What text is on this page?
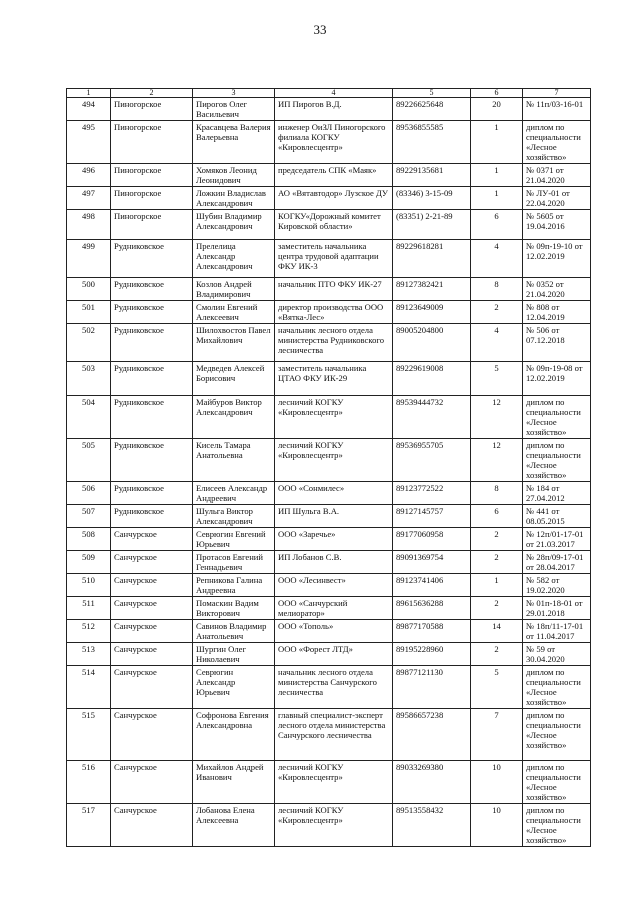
33
1	2	3	4	5	6	7
494	Пиногорское	Пирогов Олег Васильевич	ИП Пирогов В.Д.	89226625648	20	№ 11п/03-16-01
495	Пиногорское	Красавцева Валерия Валерьевна	инженер ОиЗЛ Пиногорского филиала КОГКУ «Кировлесцентр»	89536855585	1	диплом по специальности «Лесное хозяйство»
496	Пиногорское	Хомяков Леонид Леонидович	председатель СПК «Маяк»	89229135681	1	№ 0371 от 21.04.2020
497	Пиногорское	Ложкин Владислав Александрович	АО «Вятавтодор» Лузское ДУ	(83346) 3-15-09	1	№ ЛУ-01 от 22.04.2020
498	Пиногорское	Шубин Владимир Александрович	КОГКУ«Дорожный комитет Кировской области»	(83351) 2-21-89	6	№ 5605 от 19.04.2016
499	Рудниковское	Прелелица Александр Александрович	заместитель начальника центра трудовой адаптации ФКУ ИК-3	89229618281	4	№ 09п-19-10 от 12.02.2019
500	Рудниковское	Козлов Андрей Владимирович	начальник ПТО ФКУ ИК-27	89127382421	8	№ 0352 от 21.04.2020
501	Рудниковское	Смолин Евгений Алексеевич	директор производства ООО «Вятка-Лес»	89123649009	2	№ 808 от 12.04.2019
502	Рудниковское	Шилохвостов Павел Михайлович	начальник лесного отдела министерства Рудниковского лесничества	89005204800	4	№ 506 от 07.12.2018
503	Рудниковское	Медведев Алексей Борисович	заместитель начальника ЦТАО ФКУ ИК-29	89229619008	5	№ 09п-19-08 от 12.02.2019
504	Рудниковское	Майбуров Виктор Александрович	лесничий КОГКУ «Кировлесцентр»	89539444732	12	диплом по специальности «Лесное хозяйство»
505	Рудниковское	Кисель Тамара Анатольевна	лесничий КОГКУ «Кировлесцентр»	89536955705	12	диплом по специальности «Лесное хозяйство»
506	Рудниковское	Елисеев Александр Андреевич	ООО «Сонмилес»	89123772522	8	№ 184 от 27.04.2012
507	Рудниковское	Шульга Виктор Александрович	ИП Шульга В.А.	89127145757	6	№ 441 от 08.05.2015
508	Санчурское	Севрюгин Евгений Юрьевич	ООО «Заречье»	89177060958	2	№ 12п/01-17-01 от 21.03.2017
509	Санчурское	Протасов Евгений Геннадьевич	ИП Лобанов С.В.	89091369754	2	№ 28п/09-17-01 от 28.04.2017
510	Санчурское	Репникова Галина Андреевна	ООО «Лесинвест»	89123741406	1	№ 582 от 19.02.2020
511	Санчурское	Помаскин Вадим Викторович	ООО «Санчурский мелиоратор»	89615636288	2	№ 01п-18-01 от 29.01.2018
512	Санчурское	Савинов Владимир Анатольевич	ООО «Тополь»	89877170588	14	№ 18п/11-17-01 от 11.04.2017
513	Санчурское	Шургин Олег Николаевич	ООО «Форест ЛТД»	89195228960	2	№ 59 от 30.04.2020
514	Санчурское	Севрюгин Александр Юрьевич	начальник лесного отдела министерства Санчурского лесничества	89877121130	5	диплом по специальности «Лесное хозяйство»
515	Санчурское	Софронова Евгения Александровна	главный специалист-эксперт лесного отдела министерства Санчурского лесничества	89586657238	7	диплом по специальности «Лесное хозяйство»
516	Санчурское	Михайлов Андрей Иванович	лесничий КОГКУ «Кировлесцентр»	89033269380	10	диплом по специальности «Лесное хозяйство»
517	Санчурское	Лобанова Елена Алексеевна	лесничий КОГКУ «Кировлесцентр»	89513558432	10	диплом по специальности «Лесное хозяйство»
